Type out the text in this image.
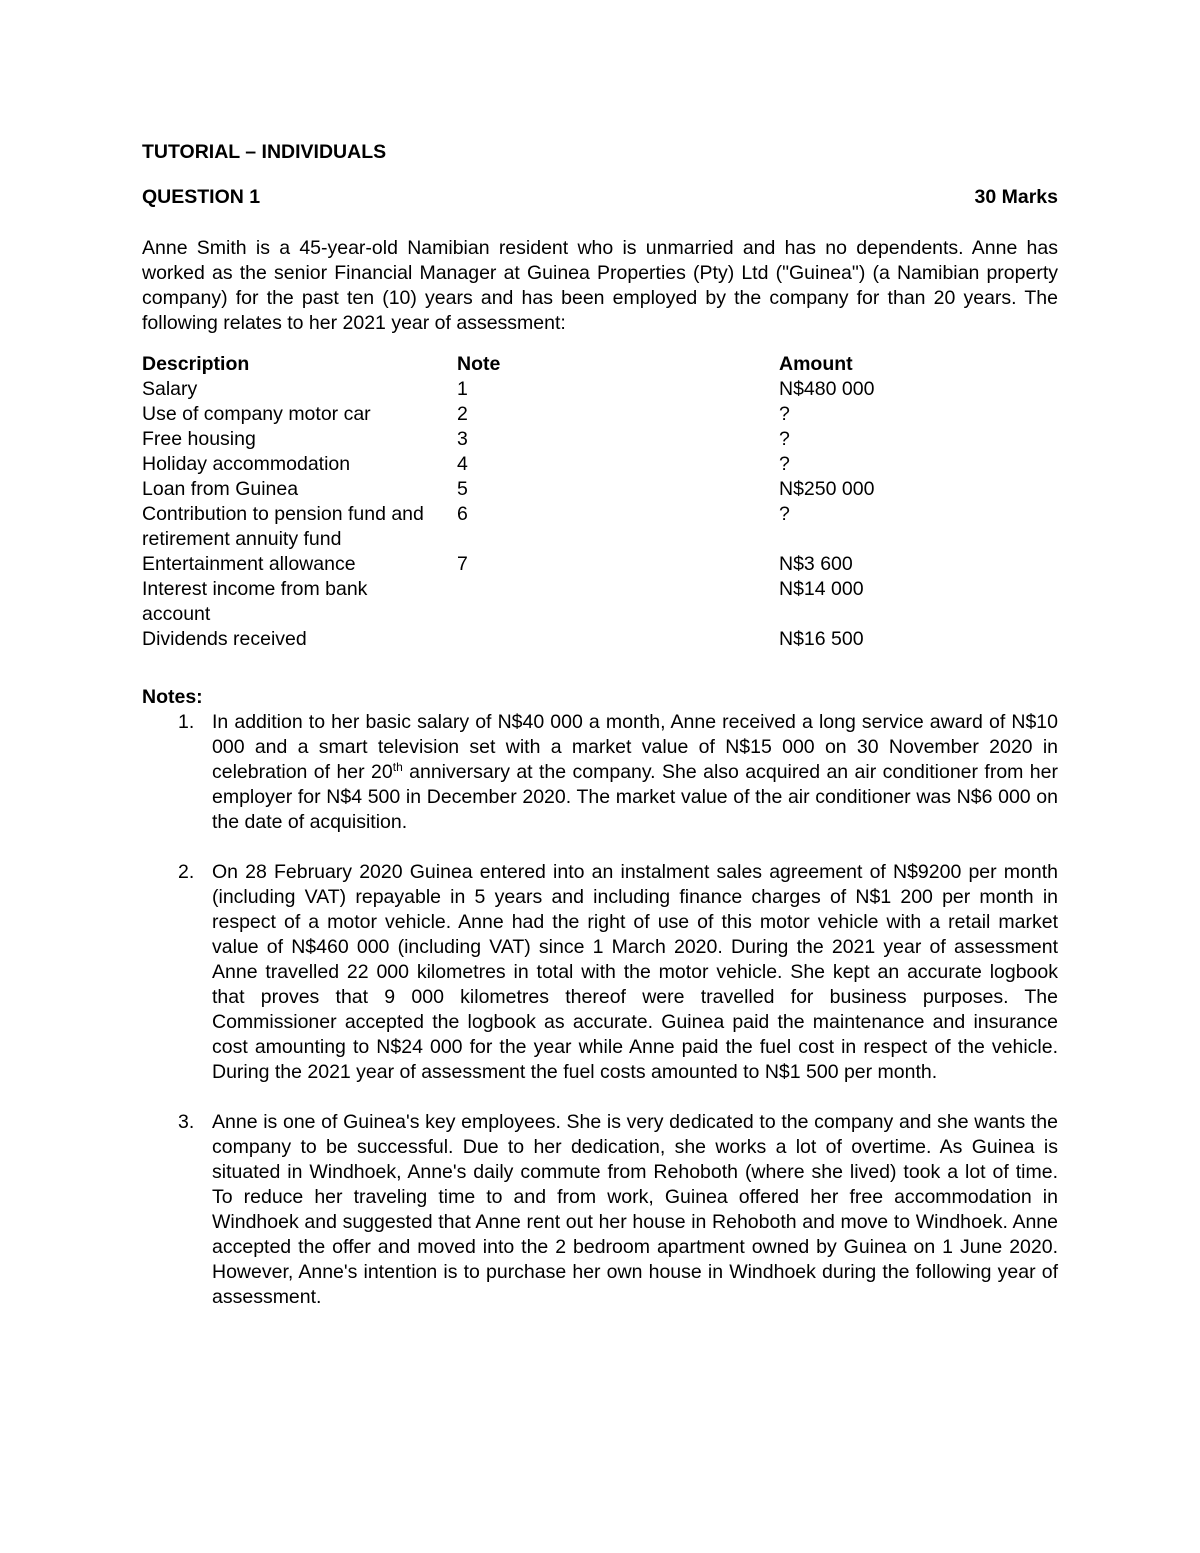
TUTORIAL – INDIVIDUALS
QUESTION 1	30 Marks
Anne Smith is a 45-year-old Namibian resident who is unmarried and has no dependents. Anne has worked as the senior Financial Manager at Guinea Properties (Pty) Ltd ("Guinea") (a Namibian property company) for the past ten (10) years and has been employed by the company for than 20 years. The following relates to her 2021 year of assessment:
Description	Note	Amount
Salary	1	N$480 000
Use of company motor car	2	?
Free housing	3	?
Holiday accommodation	4	?
Loan from Guinea	5	N$250 000

Contribution to pension fund and retirement annuity fund	6	?
Entertainment allowance	7	N$3 600

Interest income from bank account		N$14 000
Dividends received		N$16 500
Notes:
1. In addition to her basic salary of N$40 000 a month, Anne received a long service award of N$10 000 and a smart television set with a market value of N$15 000 on 30 November 2020 in celebration of her 20th anniversary at the company. She also acquired an air conditioner from her employer for N$4 500 in December 2020. The market value of the air conditioner was N$6 000 on the date of acquisition.
2. On 28 February 2020 Guinea entered into an instalment sales agreement of N$9200 per month (including VAT) repayable in 5 years and including finance charges of N$1 200 per month in respect of a motor vehicle. Anne had the right of use of this motor vehicle with a retail market value of N$460 000 (including VAT) since 1 March 2020. During the 2021 year of assessment Anne travelled 22 000 kilometres in total with the motor vehicle. She kept an accurate logbook that proves that 9 000 kilometres thereof were travelled for business purposes. The Commissioner accepted the logbook as accurate. Guinea paid the maintenance and insurance cost amounting to N$24 000 for the year while Anne paid the fuel cost in respect of the vehicle. During the 2021 year of assessment the fuel costs amounted to N$1 500 per month.
3. Anne is one of Guinea's key employees. She is very dedicated to the company and she wants the company to be successful. Due to her dedication, she works a lot of overtime. As Guinea is situated in Windhoek, Anne's daily commute from Rehoboth (where she lived) took a lot of time. To reduce her traveling time to and from work, Guinea offered her free accommodation in Windhoek and suggested that Anne rent out her house in Rehoboth and move to Windhoek. Anne accepted the offer and moved into the 2 bedroom apartment owned by Guinea on 1 June 2020. However, Anne's intention is to purchase her own house in Windhoek during the following year of assessment.
